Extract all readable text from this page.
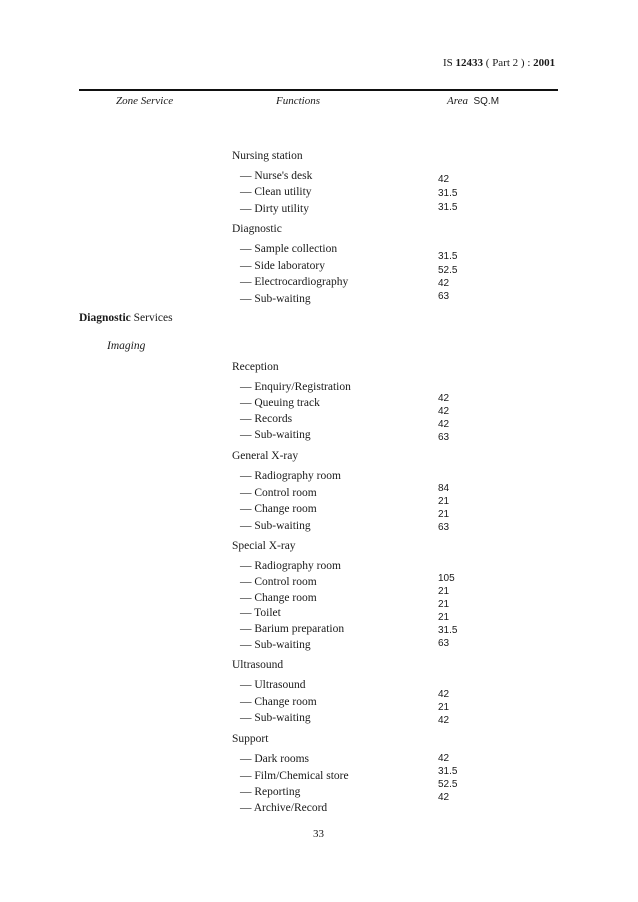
IS 12433 ( Part 2 ) : 2001
Zone Service	Functions	Area SQ.M
Diagnostic Services
Imaging
Nursing station
— Nurse's desk
— Clean utility
— Dirty utility
Diagnostic
— Sample collection
— Side laboratory
— Electrocardiography
— Sub-waiting
Reception
— Enquiry/Registration
— Queuing track
— Records
— Sub-waiting
General X-ray
— Radiography room
— Control room
— Change room
— Sub-waiting
Special X-ray
— Radiography room
— Control room
— Change room
— Toilet
— Barium preparation
— Sub-waiting
Ultrasound
— Ultrasound
— Change room
— Sub-waiting
Support
— Dark rooms
— Film/Chemical store
— Reporting
— Archive/Record
42
31.5
31.5
31.5
52.5
42
63
42
42
42
63
84
21
21
63
105
21
21
21
31.5
63
42
21
42
42
31.5
52.5
42
33
